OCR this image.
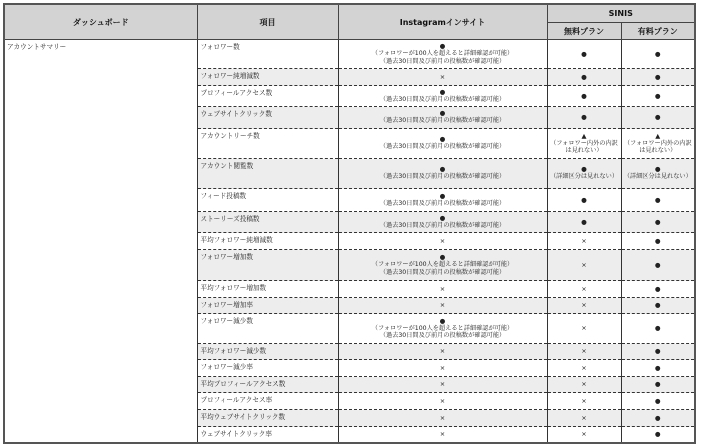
ダッシュボード	項目	Instagramインサイト	SINIS	
			無料プラン	有料プラン
アカウントサマリー	フォロワー数	●
（フォロワーが100人を超えると詳細確認が可能）
（過去30日間及び前月の投稿数が確認可能）	●	●

	フォロワー純増減数	×	●	●

	プロフィールアクセス数	●
（過去30日間及び前月の投稿数が確認可能）	●	●

	ウェブサイトクリック数	●
（過去30日間及び前月の投稿数が確認可能）	●	●

	アカウントリーチ数	●
（過去30日間及び前月の投稿数が確認可能）	▲
（フォロワー内外の内訳は見れない）	▲
（フォロワー内外の内訳は見れない）

	アカウント閲覧数	●
（過去30日間及び前月の投稿数が確認可能）	●
（詳細区分は見れない）	●
（詳細区分は見れない）

	フィード投稿数	●
（過去30日間及び前月の投稿数が確認可能）	●	●

	ストーリーズ投稿数	●
（過去30日間及び前月の投稿数が確認可能）	●	●

	平均フォロワー純増減数	×	×	●

	フォロワー増加数	●
（フォロワーが100人を超えると詳細確認が可能）
（過去30日間及び前月の投稿数が確認可能）	×	●

	平均フォロワー増加数	×	×	●

	フォロワー増加率	×	×	●

	フォロワー減少数	●
（フォロワーが100人を超えると詳細確認が可能）
（過去30日間及び前月の投稿数が確認可能）	×	●

	平均フォロワー減少数	×	×	●

	フォロワー減少率	×	×	●

	平均プロフィールアクセス数	×	×	●

	プロフィールアクセス率	×	×	●

	平均ウェブサイトクリック数	×	×	●

	ウェブサイトクリック率	×	×	●
